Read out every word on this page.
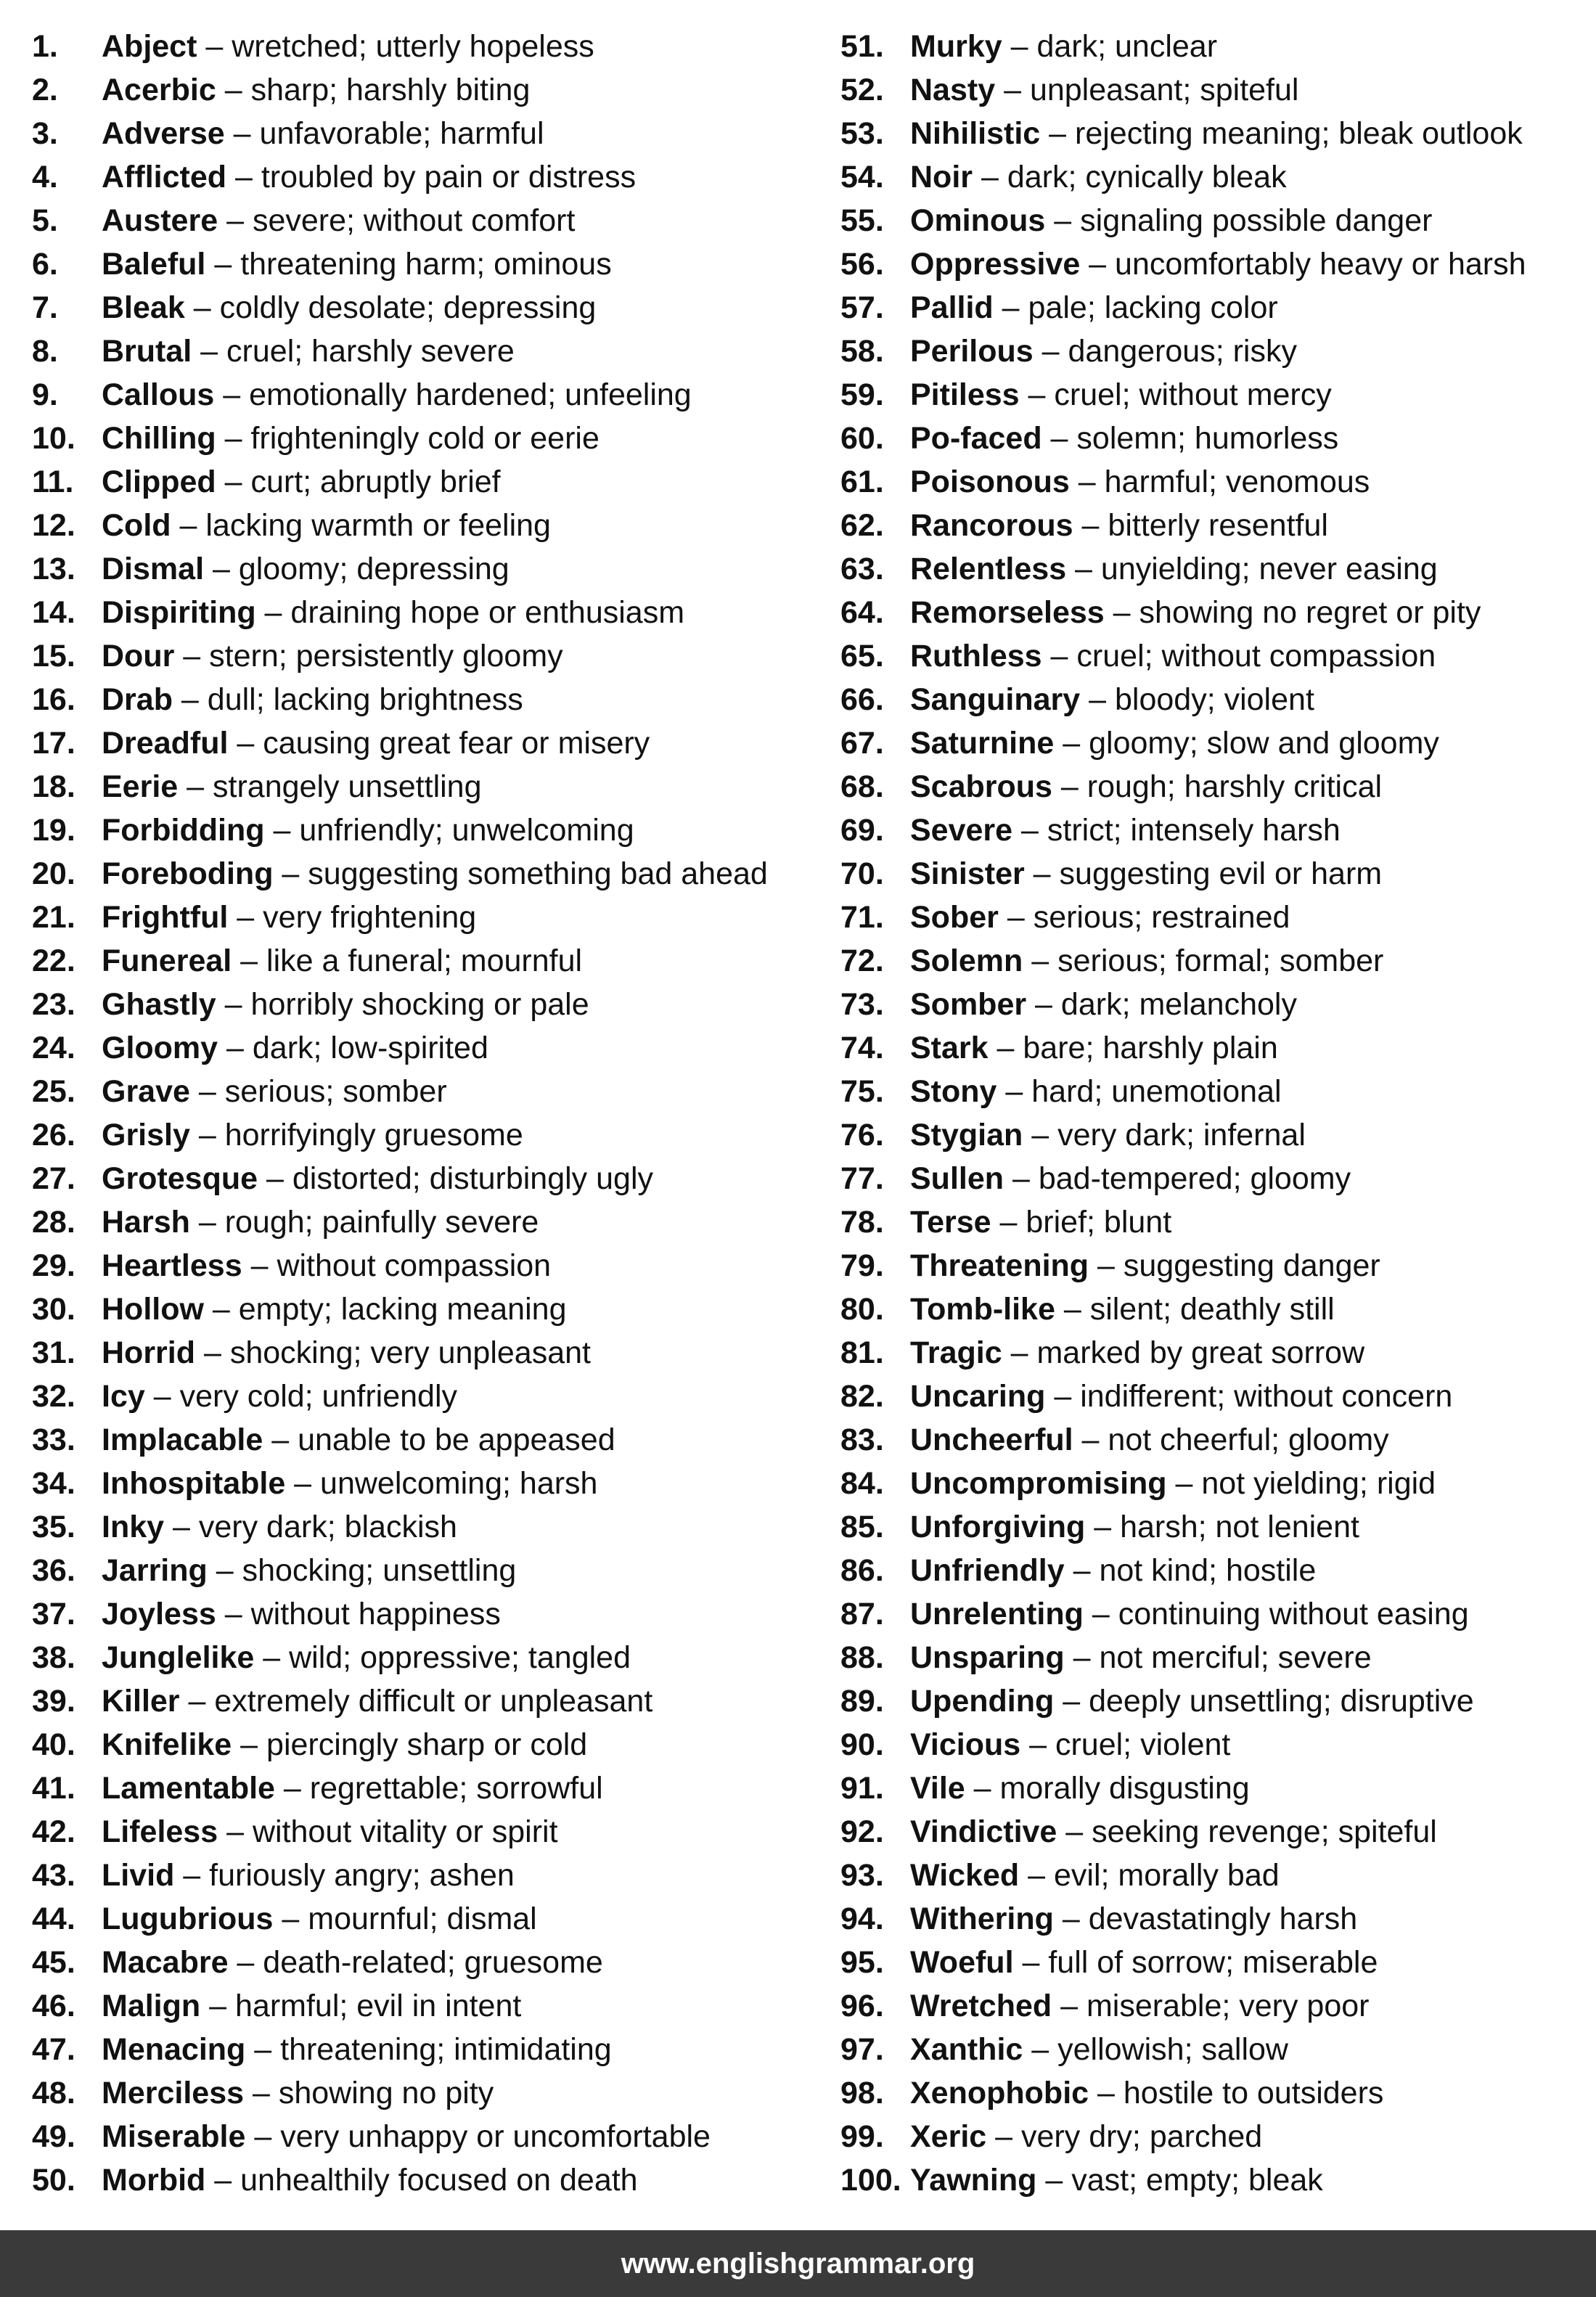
1. Abject – wretched; utterly hopeless
2. Acerbic – sharp; harshly biting
3. Adverse – unfavorable; harmful
4. Afflicted – troubled by pain or distress
5. Austere – severe; without comfort
6. Baleful – threatening harm; ominous
7. Bleak – coldly desolate; depressing
8. Brutal – cruel; harshly severe
9. Callous – emotionally hardened; unfeeling
10. Chilling – frighteningly cold or eerie
11. Clipped – curt; abruptly brief
12. Cold – lacking warmth or feeling
13. Dismal – gloomy; depressing
14. Dispiriting – draining hope or enthusiasm
15. Dour – stern; persistently gloomy
16. Drab – dull; lacking brightness
17. Dreadful – causing great fear or misery
18. Eerie – strangely unsettling
19. Forbidding – unfriendly; unwelcoming
20. Foreboding – suggesting something bad ahead
21. Frightful – very frightening
22. Funereal – like a funeral; mournful
23. Ghastly – horribly shocking or pale
24. Gloomy – dark; low-spirited
25. Grave – serious; somber
26. Grisly – horrifyingly gruesome
27. Grotesque – distorted; disturbingly ugly
28. Harsh – rough; painfully severe
29. Heartless – without compassion
30. Hollow – empty; lacking meaning
31. Horrid – shocking; very unpleasant
32. Icy – very cold; unfriendly
33. Implacable – unable to be appeased
34. Inhospitable – unwelcoming; harsh
35. Inky – very dark; blackish
36. Jarring – shocking; unsettling
37. Joyless – without happiness
38. Junglelike – wild; oppressive; tangled
39. Killer – extremely difficult or unpleasant
40. Knifelike – piercingly sharp or cold
41. Lamentable – regrettable; sorrowful
42. Lifeless – without vitality or spirit
43. Livid – furiously angry; ashen
44. Lugubrious – mournful; dismal
45. Macabre – death-related; gruesome
46. Malign – harmful; evil in intent
47. Menacing – threatening; intimidating
48. Merciless – showing no pity
49. Miserable – very unhappy or uncomfortable
50. Morbid – unhealthily focused on death
51. Murky – dark; unclear
52. Nasty – unpleasant; spiteful
53. Nihilistic – rejecting meaning; bleak outlook
54. Noir – dark; cynically bleak
55. Ominous – signaling possible danger
56. Oppressive – uncomfortably heavy or harsh
57. Pallid – pale; lacking color
58. Perilous – dangerous; risky
59. Pitiless – cruel; without mercy
60. Po-faced – solemn; humorless
61. Poisonous – harmful; venomous
62. Rancorous – bitterly resentful
63. Relentless – unyielding; never easing
64. Remorseless – showing no regret or pity
65. Ruthless – cruel; without compassion
66. Sanguinary – bloody; violent
67. Saturnine – gloomy; slow and gloomy
68. Scabrous – rough; harshly critical
69. Severe – strict; intensely harsh
70. Sinister – suggesting evil or harm
71. Sober – serious; restrained
72. Solemn – serious; formal; somber
73. Somber – dark; melancholy
74. Stark – bare; harshly plain
75. Stony – hard; unemotional
76. Stygian – very dark; infernal
77. Sullen – bad-tempered; gloomy
78. Terse – brief; blunt
79. Threatening – suggesting danger
80. Tomb-like – silent; deathly still
81. Tragic – marked by great sorrow
82. Uncaring – indifferent; without concern
83. Uncheerful – not cheerful; gloomy
84. Uncompromising – not yielding; rigid
85. Unforgiving – harsh; not lenient
86. Unfriendly – not kind; hostile
87. Unrelenting – continuing without easing
88. Unsparing – not merciful; severe
89. Upending – deeply unsettling; disruptive
90. Vicious – cruel; violent
91. Vile – morally disgusting
92. Vindictive – seeking revenge; spiteful
93. Wicked – evil; morally bad
94. Withering – devastatingly harsh
95. Woeful – full of sorrow; miserable
96. Wretched – miserable; very poor
97. Xanthic – yellowish; sallow
98. Xenophobic – hostile to outsiders
99. Xeric – very dry; parched
100. Yawning – vast; empty; bleak
www.englishgrammar.org
